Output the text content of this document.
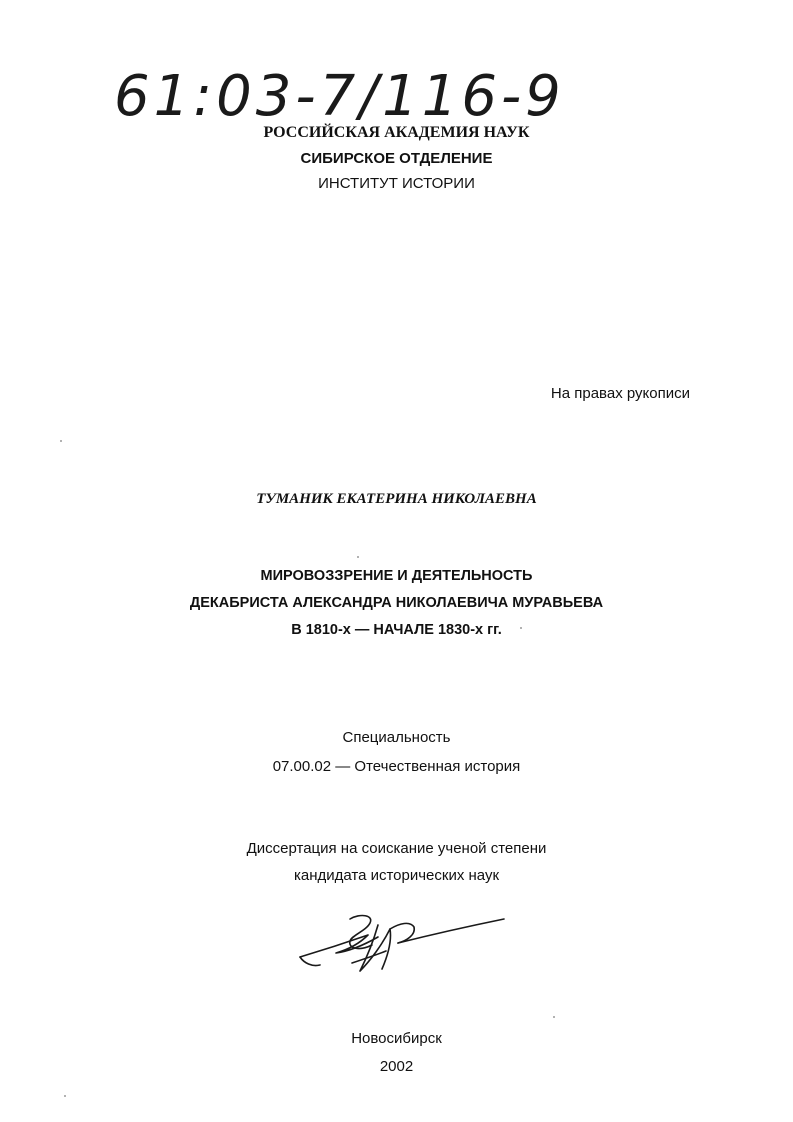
61:03-7/116-9
РОССИЙСКАЯ АКАДЕМИЯ НАУК
СИБИРСКОЕ ОТДЕЛЕНИЕ
ИНСТИТУТ ИСТОРИИ
На правах рукописи
ТУМАНИК ЕКАТЕРИНА НИКОЛАЕВНА
МИРОВОЗЗРЕНИЕ И ДЕЯТЕЛЬНОСТЬ
ДЕКАБРИСТА АЛЕКСАНДРА НИКОЛАЕВИЧА МУРАВЬЕВА
В 1810-х — НАЧАЛЕ 1830-х гг.
Специальность
07.00.02 — Отечественная история
Диссертация на соискание ученой степени
кандидата исторических наук
Новосибирск
2002
